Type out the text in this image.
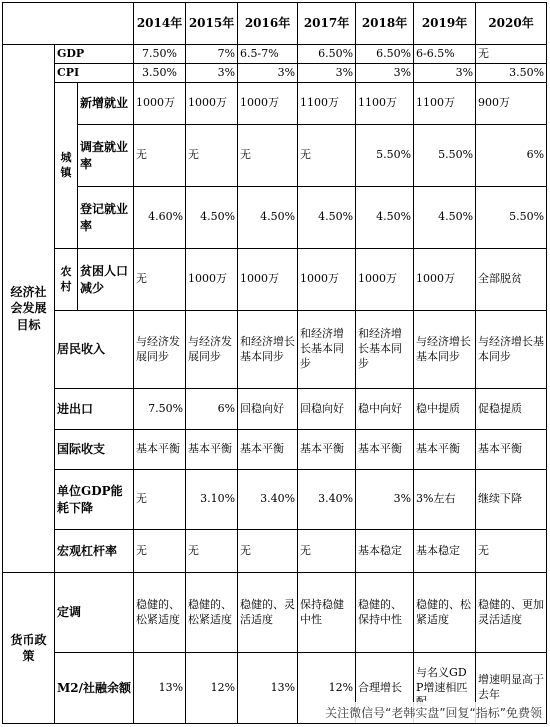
			2014年	2015年	2016年	2017年	2018年	2019年	2020年
经济社会发展目标	GDP		7.50%	7%	6.5-7%	6.50%	6.50%	6-6.5%	无
	CPI		3.50%	3%	3%	3%	3%	3%	3.50%
	城镇	新增就业	1000万	1000万	1000万	1100万	1100万	1100万	900万
		调查就业率	无	无	无	无	5.50%	5.50%	6%
		登记就业率	4.60%	4.50%	4.50%	4.50%	4.50%	4.50%	5.50%
	农村	贫困人口减少	无	1000万	1000万	1000万	1000万	1000万	全部脱贫
	居民收入		与经济发展同步	与经济发展同步	和经济增长基本同步	和经济增长基本同步	和经济增长基本同步	与经济增长基本同步	与经济增长基本同步
	进出口		7.50%	6%	回稳向好	回稳向好	稳中向好	稳中提质	促稳提质
	国际收支		基本平衡	基本平衡	基本平衡	基本平衡	基本平衡	基本平衡	基本平衡
	单位GDP能耗下降		无	3.10%	3.40%	3.40%	3%	3%左右	继续下降
	宏观杠杆率		无	无	无	无	基本稳定	基本稳定	无
货币政策	定调		稳健的、松紧适度	稳健的、松紧适度	稳健的、灵活适度	保持稳健中性	稳健的、保持中性	稳健的、松紧适度	稳健的、更加灵活适度
	M2/社融余额		13%	12%	13%	12%	合理增长	与名义GDP增速相匹	增速明显高于去年
关注微信号“老韩实盘”回复“指标”免费领
